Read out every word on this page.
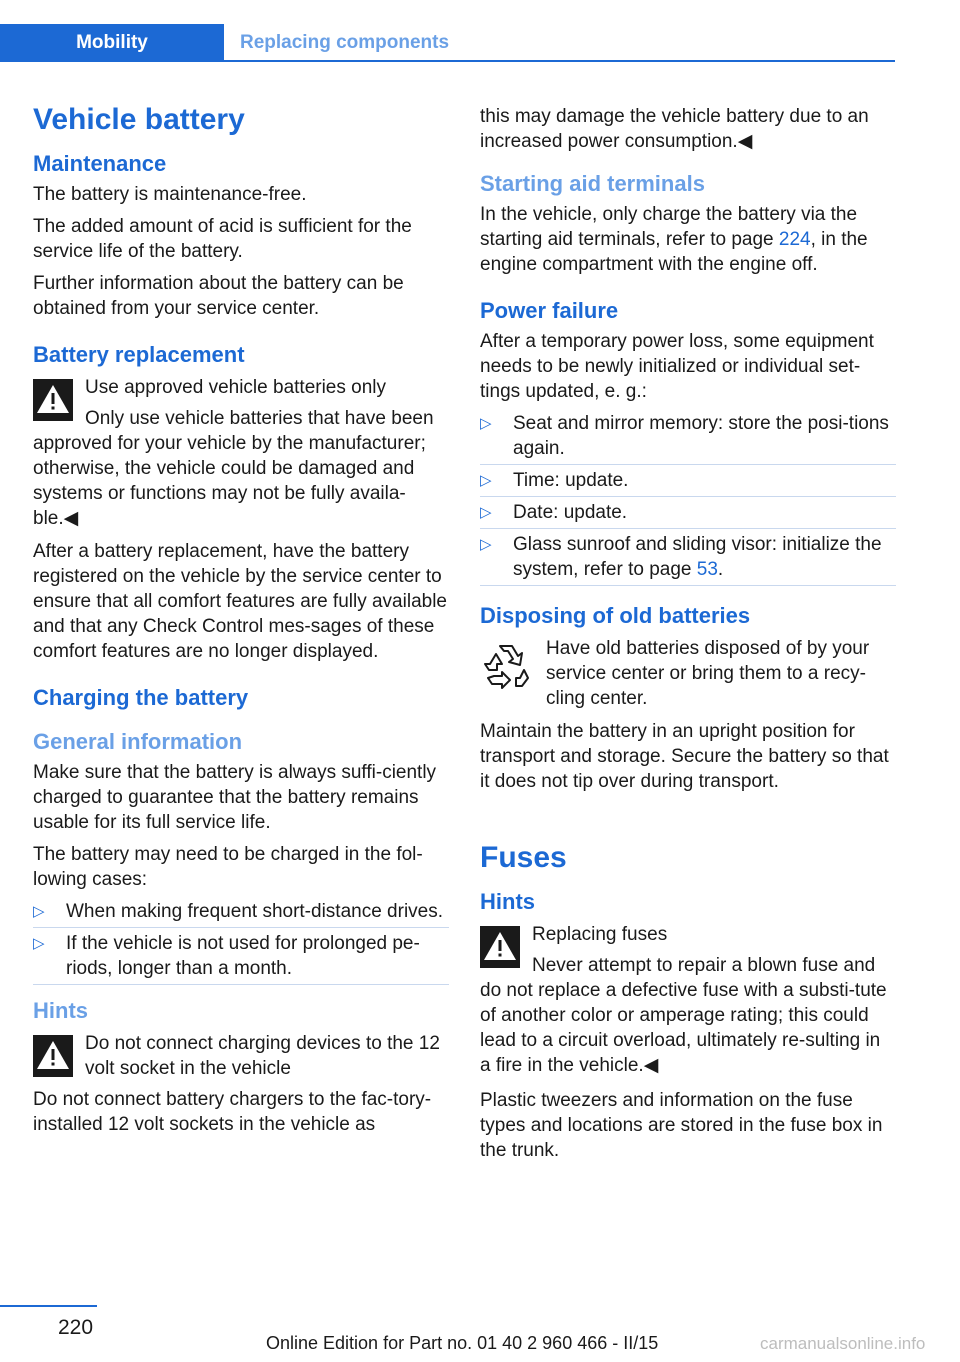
Mobility	Replacing components
Vehicle battery
Maintenance

The battery is maintenance-free.

The added amount of acid is sufficient for the service life of the battery.

Further information about the battery can be obtained from your service center.

Battery replacement

Use approved vehicle batteries only

Only use vehicle batteries that have been approved for your vehicle by the manufacturer; otherwise, the vehicle could be damaged and systems or functions may not be fully availa‐ble.◀

After a battery replacement, have the battery registered on the vehicle by the service center to ensure that all comfort features are fully available and that any Check Control mes‐sages of these comfort features are no longer displayed.

Charging the battery
General information

Make sure that the battery is always suffi‐ciently charged to guarantee that the battery remains usable for its full service life.

The battery may need to be charged in the fol‐lowing cases:

▷ When making frequent short-distance drives.
▷ If the vehicle is not used for prolonged pe‐riods, longer than a month.
Hints

Do not connect charging devices to the 12 volt socket in the vehicle

Do not connect battery chargers to the fac‐tory-installed 12 volt sockets in the vehicle as

this may damage the vehicle battery due to an increased power consumption.◀

Starting aid terminals

In the vehicle, only charge the battery via the starting aid terminals, refer to page 224, in the engine compartment with the engine off.

Power failure

After a temporary power loss, some equipment needs to be newly initialized or individual set‐tings updated, e. g.:

▷ Seat and mirror memory: store the posi‐tions again.
▷ Time: update.
▷ Date: update.
▷ Glass sunroof and sliding visor: initialize the system, refer to page 53.
Disposing of old batteries

Have old batteries disposed of by your service center or bring them to a recy‐cling center.

Maintain the battery in an upright position for transport and storage. Secure the battery so that it does not tip over during transport.

Fuses
Hints

Replacing fuses

Never attempt to repair a blown fuse and do not replace a defective fuse with a substi‐tute of another color or amperage rating; this could lead to a circuit overload, ultimately re‐sulting in a fire in the vehicle.◀

Plastic tweezers and information on the fuse types and locations are stored in the fuse box in the trunk.

220
Online Edition for Part no. 01 40 2 960 466 - II/15	carmanualsonline.info
